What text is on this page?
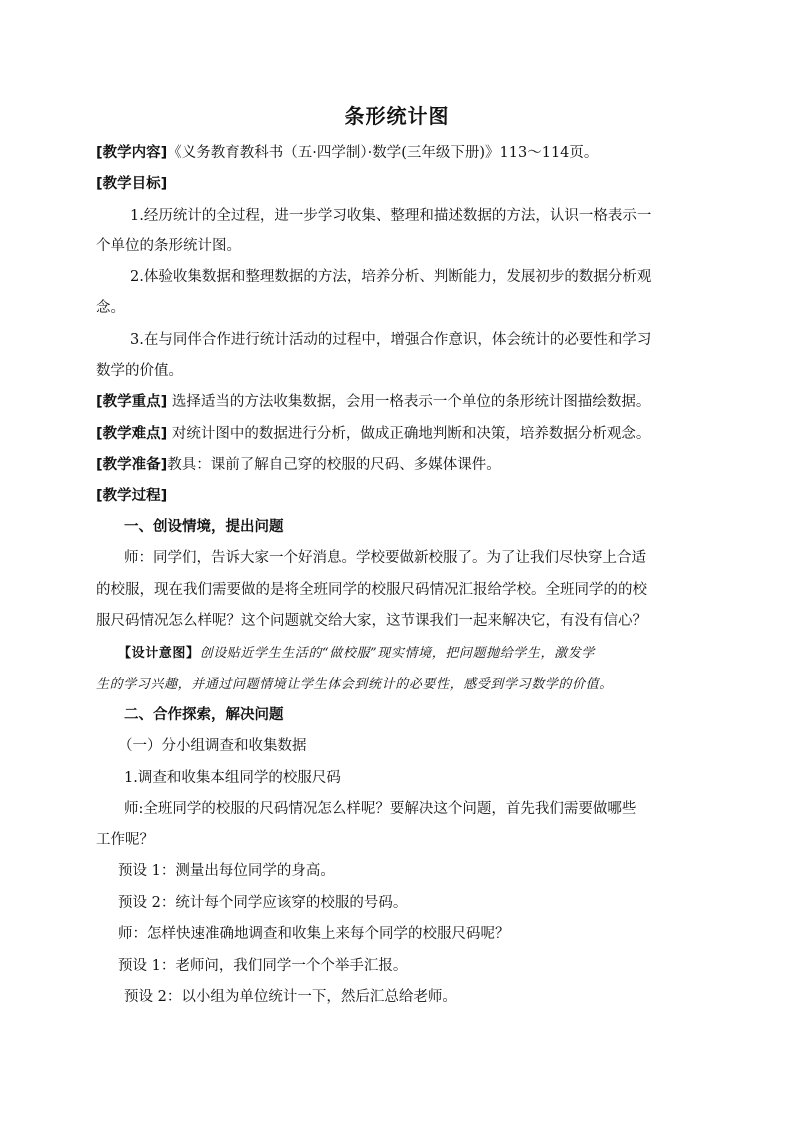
条形统计图
[教学内容]《义务教育教科书（五·四学制）·数学(三年级下册)》113～114页。
[教学目标]
1.经历统计的全过程，进一步学习收集、整理和描述数据的方法，认识一格表示一
个单位的条形统计图。
2.体验收集数据和整理数据的方法，培养分析、判断能力，发展初步的数据分析观
念。
3.在与同伴合作进行统计活动的过程中，增强合作意识，体会统计的必要性和学习
数学的价值。
[教学重点] 选择适当的方法收集数据，会用一格表示一个单位的条形统计图描绘数据。
[教学难点] 对统计图中的数据进行分析，做成正确地判断和决策，培养数据分析观念。
[教学准备]教具：课前了解自己穿的校服的尺码、多媒体课件。
[教学过程]
一、创设情境，提出问题
师：同学们，告诉大家一个好消息。学校要做新校服了。为了让我们尽快穿上合适
的校服，现在我们需要做的是将全班同学的校服尺码情况汇报给学校。全班同学的的校
服尺码情况怎么样呢？这个问题就交给大家，这节课我们一起来解决它，有没有信心？
【设计意图】创设贴近学生生活的“做校服”现实情境，把问题抛给学生，激发学
生的学习兴趣，并通过问题情境让学生体会到统计的必要性，感受到学习数学的价值。
二、合作探索，解决问题
（一）分小组调查和收集数据
1.调查和收集本组同学的校服尺码
师:全班同学的校服的尺码情况怎么样呢？要解决这个问题，首先我们需要做哪些
工作呢？
预设 1：测量出每位同学的身高。
预设 2：统计每个同学应该穿的校服的号码。
师：怎样快速准确地调查和收集上来每个同学的校服尺码呢？
预设 1：老师问，我们同学一个个举手汇报。
预设 2：以小组为单位统计一下，然后汇总给老师。
